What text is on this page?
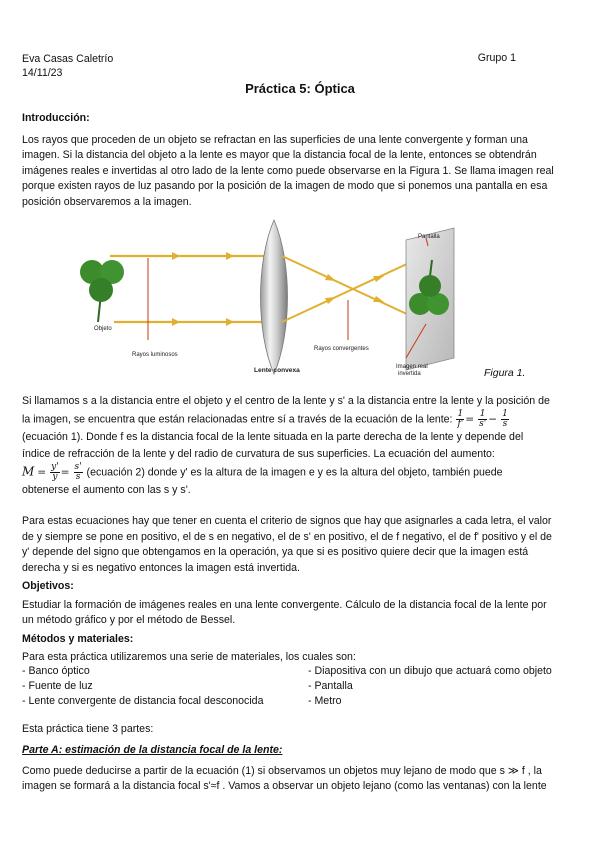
Eva Casas Caletrío
14/11/23
Grupo 1
Práctica 5: Óptica
Introducción:
Los rayos que proceden de un objeto se refractan en las superficies de una lente convergente y forman una
imagen. Si la distancia del objeto a la lente es mayor que la distancia focal de la lente, entonces se obtendrán
imágenes reales e invertidas al otro lado de la lente como puede observarse en la Figura 1. Se llama imagen real
porque existen rayos de luz pasando por la posición de la imagen de modo que si ponemos una pantalla en esa
posición observaremos a la imagen.
Pantalla
Objeto
Rayos luminosos
Rayos convergentes
Lente convexa	Imagen real
invertida	Figura 1.
Si llamamos s a la distancia entre el objeto y el centro de la lente y s' a la distancia entre la lente y la posición de
la imagen, se encuentra que están relacionadas entre sí a través de la ecuación de la lente: $\frac{1}{f'} = \frac{1}{s'} - \frac{1}{s}$
(ecuación 1). Donde f es la distancia focal de la lente situada en la parte derecha de la lente y depende del
índice de refracción de la lente y del radio de curvatura de sus superficies. La ecuación del aumento:
$M = \frac{y'}{y} = \frac{s'}{s}$ (ecuación 2) donde y' es la altura de la imagen e y es la altura del objeto, también puede
obtenerse el aumento con las s y s'.
Para estas ecuaciones hay que tener en cuenta el criterio de signos que hay que asignarles a cada letra, el valor
de y siempre se pone en positivo, el de s en negativo, el de s' en positivo, el de f negativo, el de f' positivo y el de
y' depende del signo que obtengamos en la operación, ya que si es positivo quiere decir que la imagen está
derecha y si es negativo entonces la imagen está invertida.
Objetivos:
Estudiar la formación de imágenes reales en una lente convergente. Cálculo de la distancia focal de la lente por
un método gráfico y por el método de Bessel.
Métodos y materiales:
Para esta práctica utilizaremos una serie de materiales, los cuales son:
- Banco óptico
- Fuente de luz
- Lente convergente de distancia focal desconocida
- Diapositiva con un dibujo que actuará como objeto
- Pantalla
- Metro
Esta práctica tiene 3 partes:
Parte A: estimación de la distancia focal de la lente:
Como puede deducirse a partir de la ecuación (1) si observamos un objetos muy lejano de modo que s ≫ f , la
imagen se formará a la distancia focal s'≈f . Vamos a observar un objeto lejano (como las ventanas) con la lente
